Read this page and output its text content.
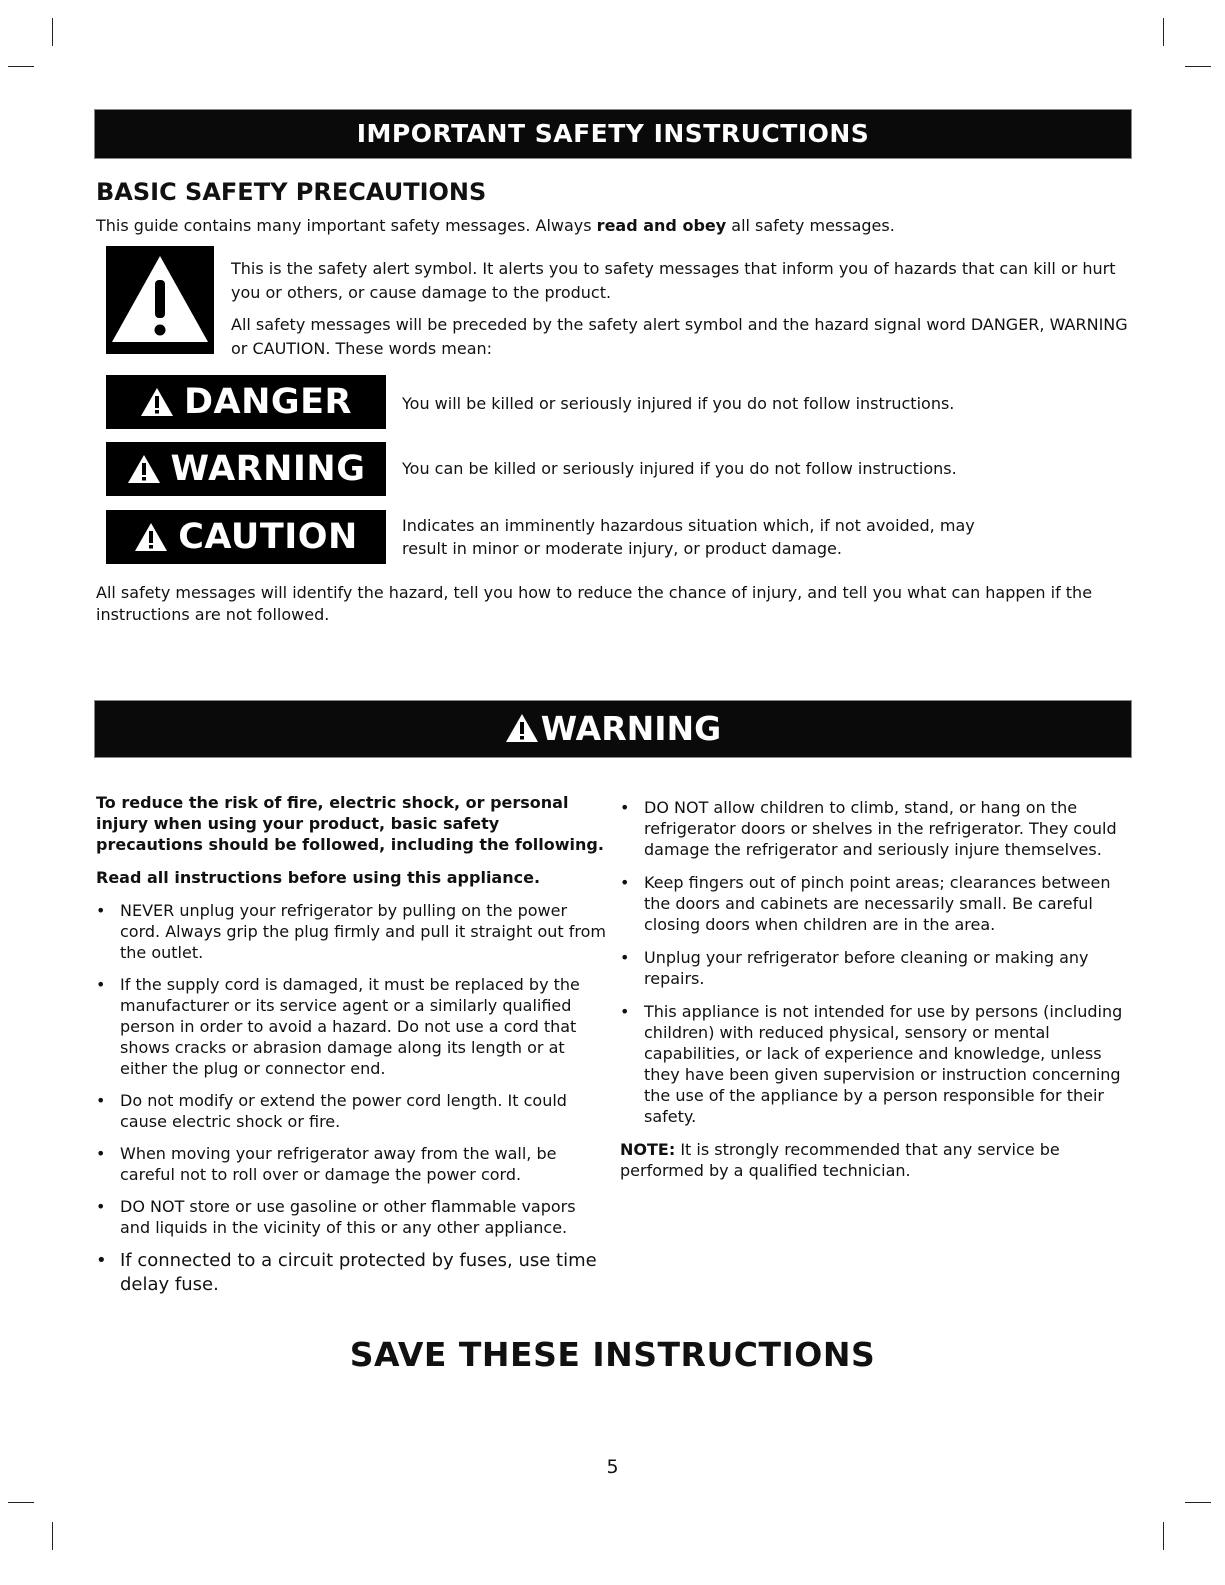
IMPORTANT SAFETY INSTRUCTIONS
BASIC SAFETY PRECAUTIONS
This guide contains many important safety messages. Always read and obey all safety messages.
This is the safety alert symbol. It alerts you to safety messages that inform you of hazards that can kill or hurt you or others, or cause damage to the product.
All safety messages will be preceded by the safety alert symbol and the hazard signal word DANGER, WARNING or CAUTION. These words mean:
DANGER	You will be killed or seriously injured if you do not follow instructions.
WARNING You can be killed or seriously injured if you do not follow instructions.
CAUTION	Indicates an imminently hazardous situation which, if not avoided, may result in minor or moderate injury, or product damage.
All safety messages will identify the hazard, tell you how to reduce the chance of injury, and tell you what can happen if the instructions are not followed.
WARNING
To reduce the risk of fire, electric shock, or personal injury when using your product, basic safety precautions should be followed, including the following.
Read all instructions before using this appliance.
• NEVER unplug your refrigerator by pulling on the power cord. Always grip the plug firmly and pull it straight out from the outlet.
• If the supply cord is damaged, it must be replaced by the manufacturer or its service agent or a similarly qualified person in order to avoid a hazard. Do not use a cord that shows cracks or abrasion damage along its length or at either the plug or connector end.
• Do not modify or extend the power cord length. It could cause electric shock or fire.
• When moving your refrigerator away from the wall, be careful not to roll over or damage the power cord.
• DO NOT store or use gasoline or other flammable vapors and liquids in the vicinity of this or any other appliance.
• If connected to a circuit protected by fuses, use time delay fuse.
• DO NOT allow children to climb, stand, or hang on the refrigerator doors or shelves in the refrigerator. They could damage the refrigerator and seriously injure themselves.
• Keep fingers out of pinch point areas; clearances between the doors and cabinets are necessarily small. Be careful closing doors when children are in the area.
• Unplug your refrigerator before cleaning or making any repairs.
• This appliance is not intended for use by persons (including children) with reduced physical, sensory or mental capabilities, or lack of experience and knowledge, unless they have been given supervision or instruction concerning the use of the appliance by a person responsible for their safety.
NOTE: It is strongly recommended that any service be performed by a qualified technician.
SAVE THESE INSTRUCTIONS
5
